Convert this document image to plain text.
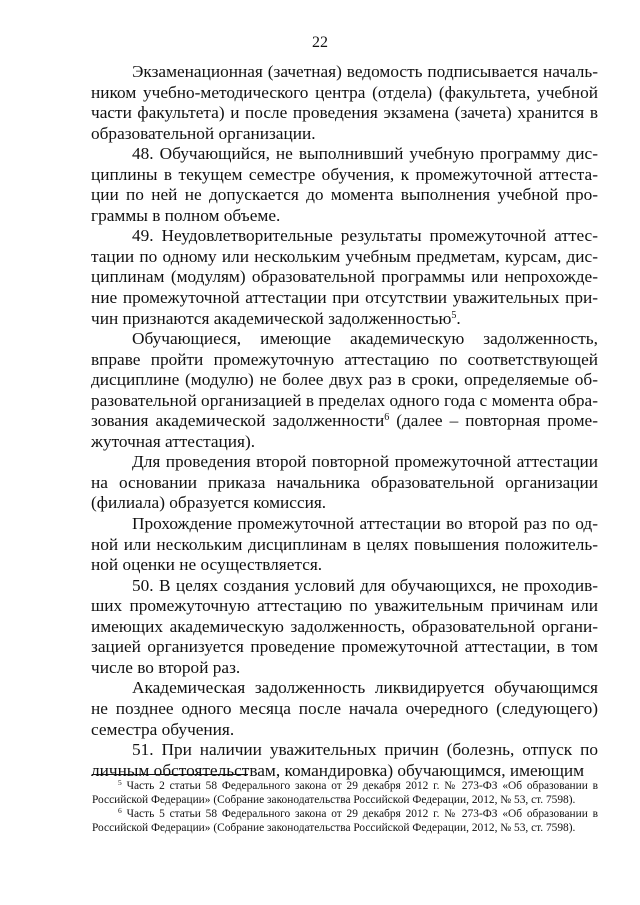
22

Экзаменационная (зачетная) ведомость подписывается начальником учебно-методического центра (отдела) (факультета, учебной части факультета) и после проведения экзамена (зачета) хранится в образовательной организации.

48. Обучающийся, не выполнивший учебную программу дисциплины в текущем семестре обучения, к промежуточной аттестации по ней не допускается до момента выполнения учебной программы в полном объеме.

49. Неудовлетворительные результаты промежуточной аттестации по одному или нескольким учебным предметам, курсам, дисциплинам (модулям) образовательной программы или непрохождение промежуточной аттестации при отсутствии уважительных причин признаются академической задолженностью$^5$.

Обучающиеся, имеющие академическую задолженность, вправе пройти промежуточную аттестацию по соответствующей дисциплине (модулю) не более двух раз в сроки, определяемые образовательной организацией в пределах одного года с момента образования академической задолженности$^6$ (далее – повторная промежуточная аттестация).

Для проведения второй повторной промежуточной аттестации на основании приказа начальника образовательной организации (филиала) образуется комиссия.

Прохождение промежуточной аттестации во второй раз по одной или нескольким дисциплинам в целях повышения положительной оценки не осуществляется.

50. В целях создания условий для обучающихся, не проходивших промежуточную аттестацию по уважительным причинам или имеющих академическую задолженность, образовательной организацией организуется проведение промежуточной аттестации, в том числе во второй раз.

Академическая задолженность ликвидируется обучающимся не позднее одного месяца после начала очередного (следующего) семестра обучения.

51. При наличии уважительных причин (болезнь, отпуск по личным обстоятельствам, командировка) обучающимся, имеющим

$^5$ Часть 2 статьи 58 Федерального закона от 29 декабря 2012 г. № 273-ФЗ «Об образовании в Российской Федерации» (Собрание законодательства Российской Федерации, 2012, № 53, ст. 7598).

$^6$ Часть 5 статьи 58 Федерального закона от 29 декабря 2012 г. № 273-ФЗ «Об образовании в Российской Федерации» (Собрание законодательства Российской Федерации, 2012, № 53, ст. 7598).
